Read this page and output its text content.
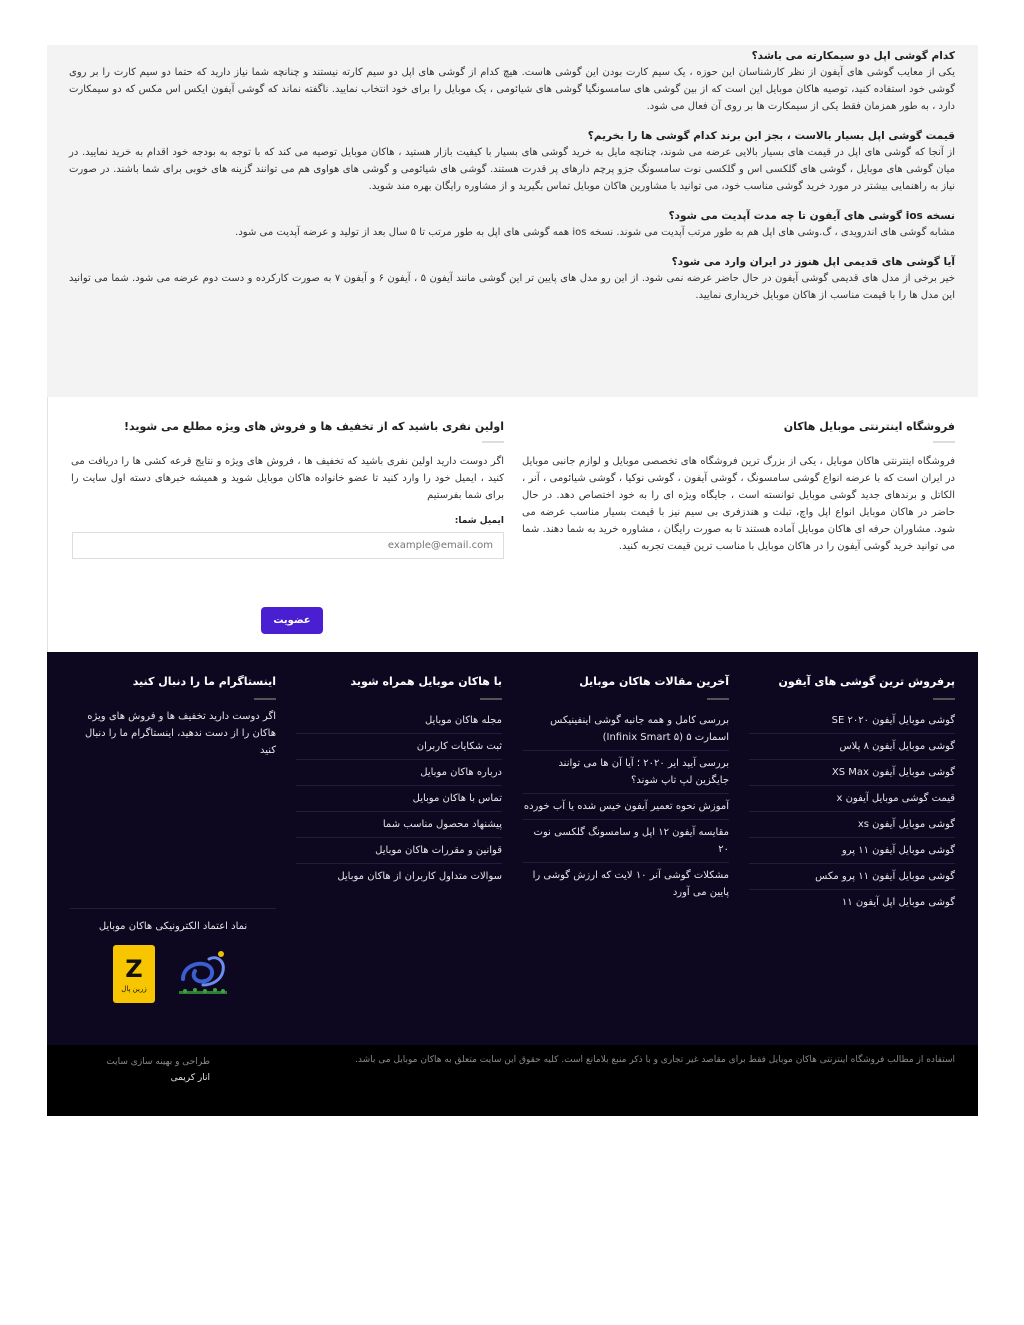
کدام گوشی اپل دو سیمکارته می باشد؟
یکی از معایب گوشی های آیفون از نظر کارشناسان این حوزه ، یک سیم کارت بودن این گوشی هاست. هیچ کدام از گوشی های اپل دو سیم کارته نیستند و چنانچه شما نیاز دارید که حتما دو سیم کارت را بر روی گوشی خود استفاده کنید، توصیه هاکان موبایل این است که از بین گوشی های سامسونگیا گوشی های شیائومی ، یک موبایل را برای خود انتخاب نمایید. ناگفته نماند که گوشی آیفون ایکس اس مکس که دو سیمکارت دارد ، به طور همزمان فقط یکی از سیمکارت ها بر روی آن فعال می شود.
قیمت گوشی اپل بسیار بالاست ، بجز این برند کدام گوشی ها را بخریم؟
از آنجا که گوشی های اپل در قیمت های بسیار بالایی عرضه می شوند، چنانچه مایل به خرید گوشی های بسیار با کیفیت بازار هستید ، هاکان موبایل توصیه می کند که با توجه به بودجه خود اقدام به خرید نمایید. در میان گوشی های موبایل ، گوشی های گلکسی اس و گلکسی نوت سامسونگ جزو پرچم دارهای پر قدرت هستند. گوشی های شیائومی و گوشی های هواوی هم می توانند گزینه های خوبی برای شما باشند. در صورت نیاز به راهنمایی بیشتر در مورد خرید گوشی مناسب خود، می توانید با مشاورین هاکان موبایل تماس بگیرید و از مشاوره رایگان بهره مند شوید.
نسخه ios گوشی های آیفون تا چه مدت آپدیت می شود؟
مشابه گوشی های اندرویدی ، گ.وشی های اپل هم به طور مرتب آپدیت می شوند. نسخه ios همه گوشی های اپل به طور مرتب تا ۵ سال بعد از تولید و عرضه آپدیت می شود.
آیا گوشی های قدیمی اپل هنوز در ایران وارد می شود؟
خیر برخی از مدل های قدیمی گوشی آیفون در حال حاضر عرضه نمی شود. از این رو مدل های پایین تر این گوشی مانند آیفون ۵ ، آیفون ۶ و آیفون ۷ به صورت کارکرده و دست دوم عرضه می شود. شما می توانید این مدل ها را با قیمت مناسب از هاکان موبایل خریداری نمایید.
فروشگاه اینترنتی موبایل هاکان

فروشگاه اینترنتی هاکان موبایل ، یکی از بزرگ ترین فروشگاه های تخصصی موبایل و لوازم جانبی موبایل در ایران است که با عرضه انواع گوشی سامسونگ ، گوشی آیفون ، گوشی نوکیا ، گوشی شیائومی ، آنر ، الکاتل و برندهای جدید گوشی موبایل توانسته است ، جایگاه ویژه ای را به خود اختصاص دهد. در حال حاضر در هاکان موبایل انواع اپل واچ، تبلت و هندزفری بی سیم نیز با قیمت بسیار مناسب عرضه می شود. مشاوران حرفه ای هاکان موبایل آماده هستند تا به صورت رایگان ، مشاوره خرید به شما دهند. شما می توانید خرید گوشی آیفون را در هاکان موبایل با مناسب ترین قیمت تجربه کنید.

اولین نفری باشید که از تخفیف ها و فروش های ویژه مطلع می شوید!

اگر دوست دارید اولین نفری باشید که تخفیف ها ، فروش های ویژه و نتایج قرعه کشی ها را دریافت می کنید ، ایمیل خود را وارد کنید تا عضو خانواده هاکان موبایل شوید و همیشه خبرهای دسته اول سایت را برای شما بفرستیم

ایمیل شما:
example@email.com
عضویت
پرفروش ترین گوشی های آیفون
گوشی موبایل آیفون SE ۲۰۲۰
گوشی موبایل آیفون ۸ پلاس
گوشی موبایل آیفون XS Max
قیمت گوشی موبایل آیفون x
گوشی موبایل آیفون xs
گوشی موبایل آیفون ۱۱ پرو
گوشی موبایل آیفون ۱۱ پرو مکس
گوشی موبایل اپل آیفون ۱۱
آخرین مقالات هاکان موبایل
بررسی کامل و همه جانبه گوشی اینفینیکس اسمارت ۵ (Infinix Smart ۵)
بررسی آیپد ایر ۲۰۲۰ ؛ آیا آن ها می توانند جایگزین لپ تاپ شوند؟
آموزش نحوه تعمیر آیفون خیس شده یا آب خورده
مقایسه آیفون ۱۲ اپل و سامسونگ گلکسی نوت ۲۰
مشکلات گوشی آنر ۱۰ لایت که ارزش گوشی را پایین می آورد
با هاکان موبایل همراه شوید
مجله هاکان موبایل
ثبت شکایات کاربران
درباره هاکان موبایل
تماس با هاکان موبایل
پیشنهاد محصول مناسب شما
قوانین و مقررات هاکان موبایل
سوالات متداول کاربران از هاکان موبایل
اینستاگرام ما را دنبال کنید

اگر دوست دارید تخفیف ها و فروش های ویژه هاکان را از دست ندهید، اینستاگرام ما را دنبال کنید

نماد اعتماد الکترونیکی هاکان موبایل
Z
زرین پال

استفاده از مطالب فروشگاه اینترنتی هاکان موبایل فقط برای مقاصد غیر تجاری و با ذکر منبع بلامانع است. کلیه حقوق این سایت متعلق به هاکان موبایل می باشد.

طراحی و بهینه سازی سایت
انار کریمی
